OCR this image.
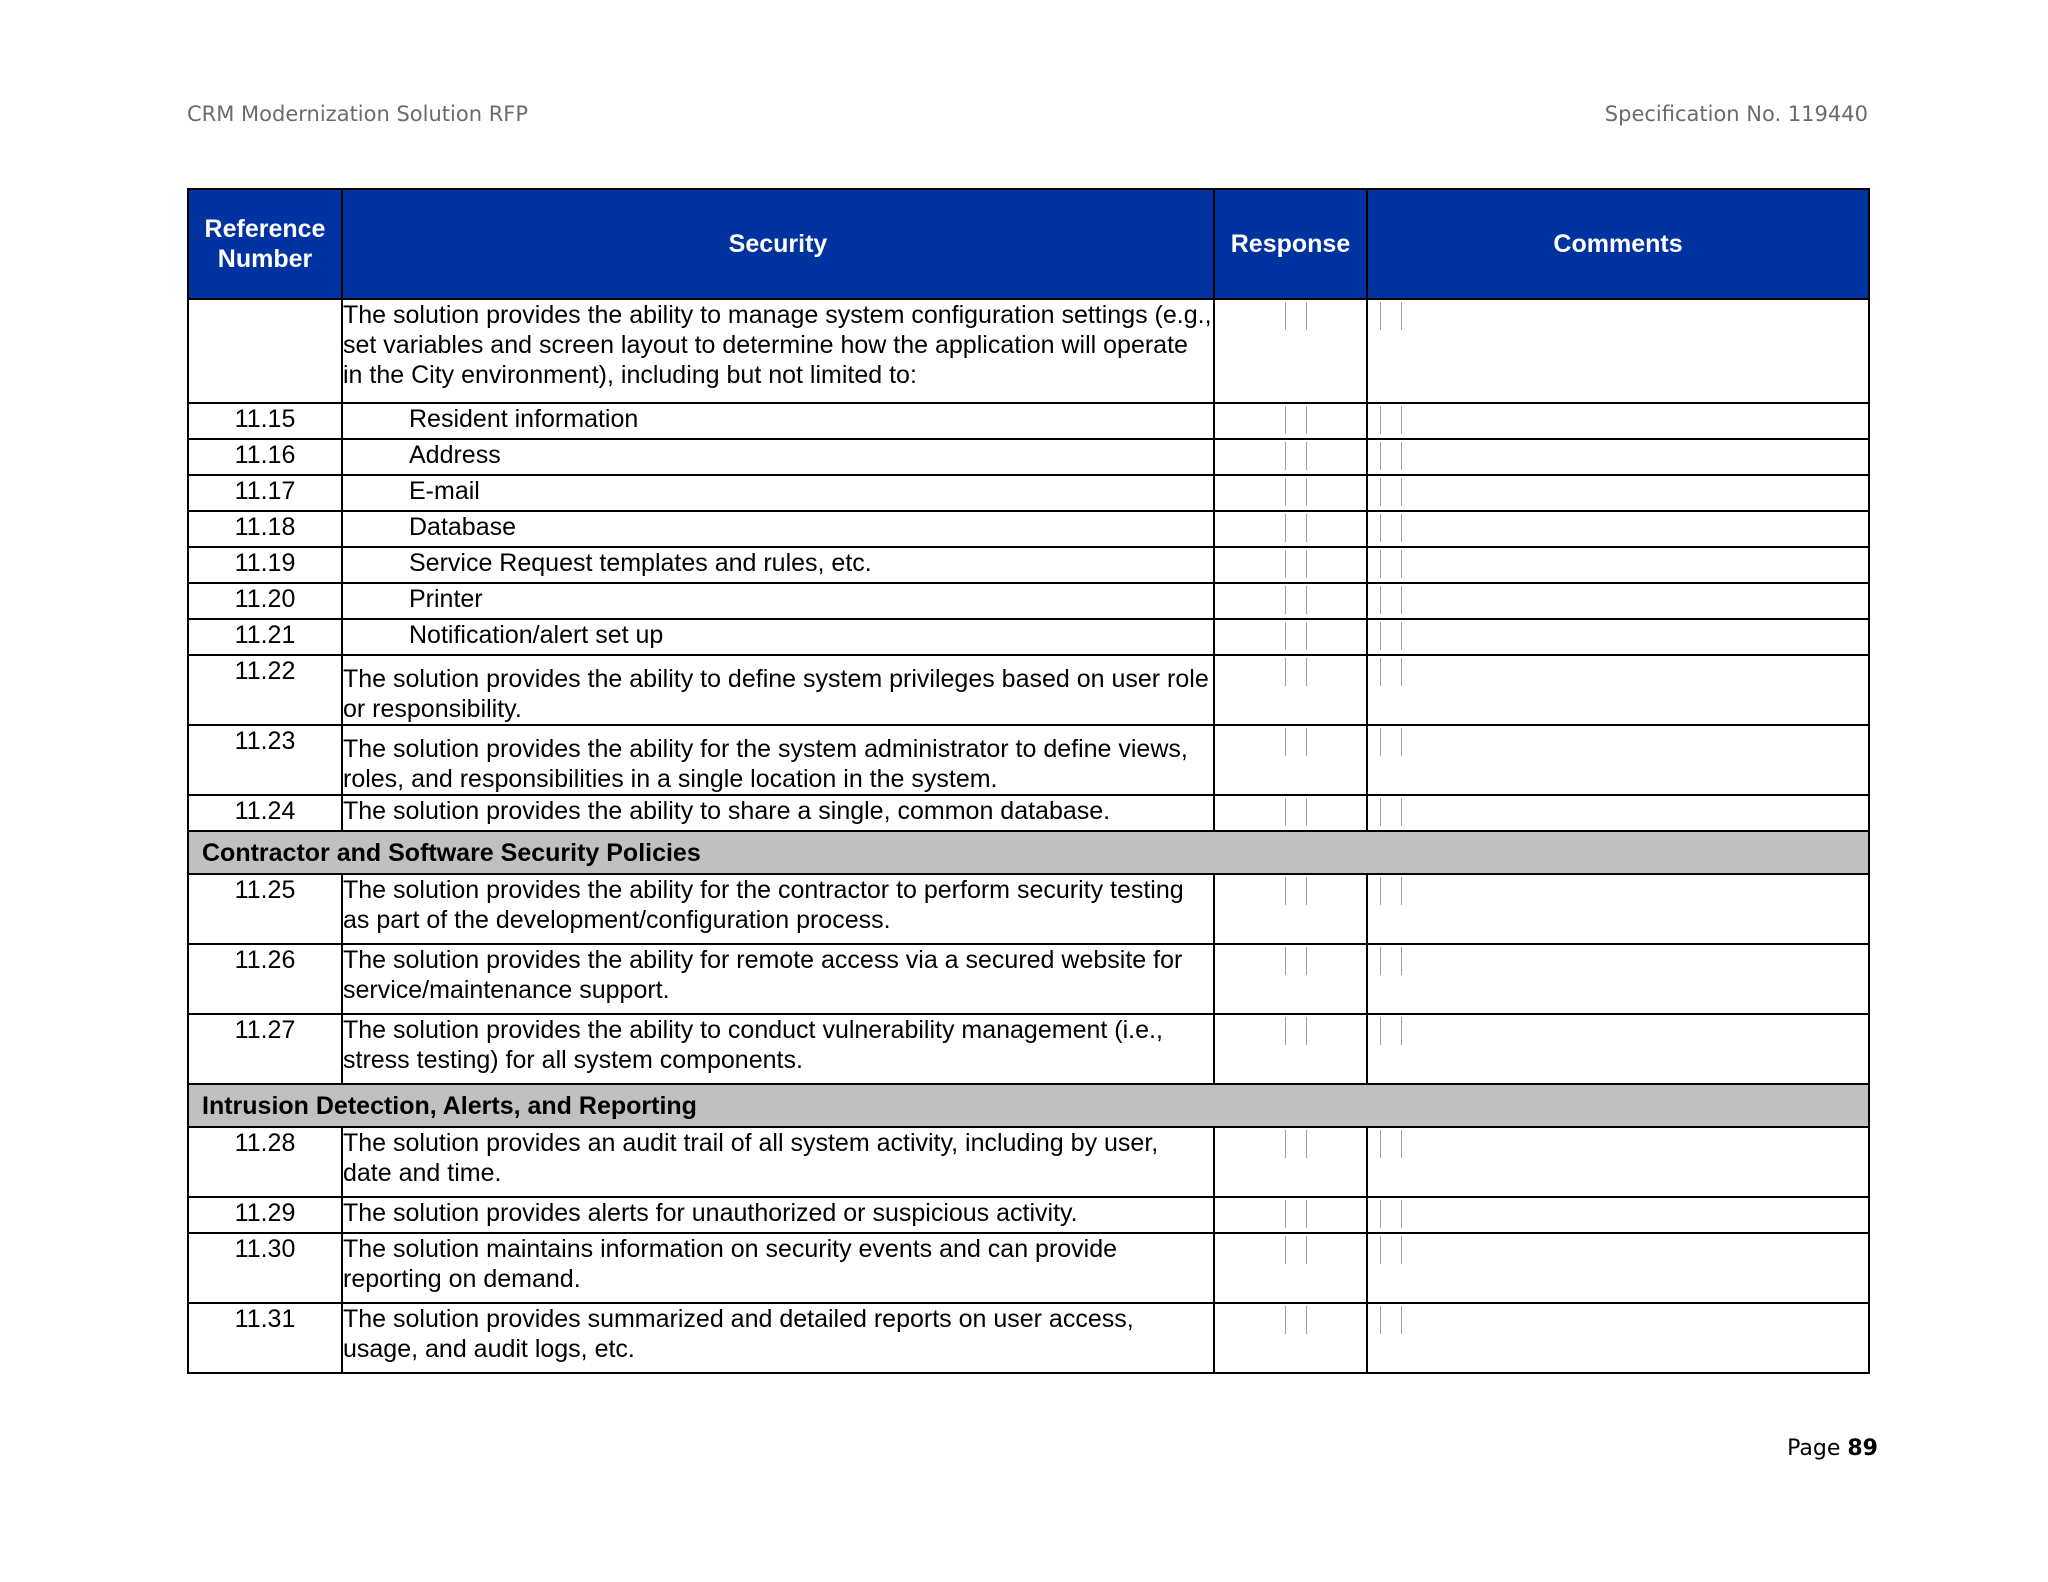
CRM Modernization Solution RFP	Specification No. 119440
Reference Number	Security	Response	Comments
	The solution provides the ability to manage system configuration settings (e.g., set variables and screen layout to determine how the application will operate in the City environment), including but not limited to:	

11.15	Resident information	

11.16	Address	

11.17	E-mail	

11.18	Database	

11.19	Service Request templates and rules, etc.	

11.20	Printer	

11.21	Notification/alert set up	

11.22	The solution provides the ability to define system privileges based on user role or responsibility.	

11.23	The solution provides the ability for the system administrator to define views, roles, and responsibilities in a single location in the system.	

11.24	The solution provides the ability to share a single, common database.	

Contractor and Software Security Policies			
11.25	The solution provides the ability for the contractor to perform security testing as part of the development/configuration process.	

11.26	The solution provides the ability for remote access via a secured website for service/maintenance support.	

11.27	The solution provides the ability to conduct vulnerability management (i.e., stress testing) for all system components.	

Intrusion Detection, Alerts, and Reporting			
11.28	The solution provides an audit trail of all system activity, including by user, date and time.	

11.29	The solution provides alerts for unauthorized or suspicious activity.	

11.30	The solution maintains information on security events and can provide reporting on demand.	

11.31	The solution provides summarized and detailed reports on user access, usage, and audit logs, etc.	

Page 89
